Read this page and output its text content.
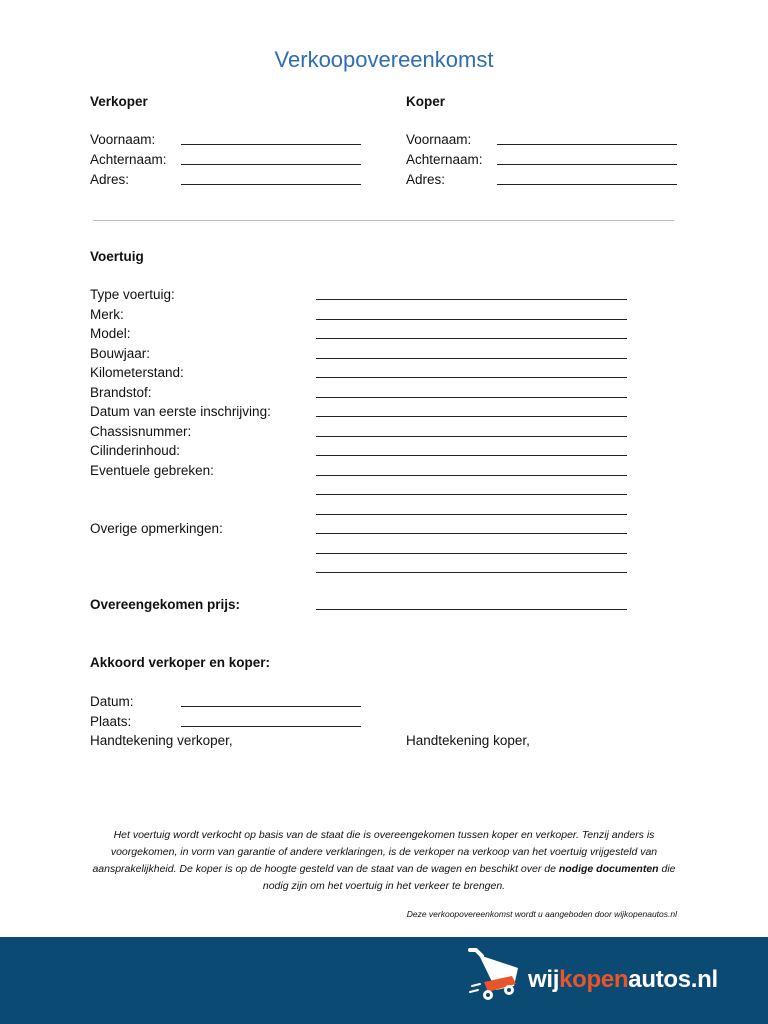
Verkoopovereenkomst
Verkoper
Voornaam:
Achternaam:
Adres:
Koper
Voornaam:
Achternaam:
Adres:
Voertuig
Type voertuig:
Merk:
Model:
Bouwjaar:
Kilometerstand:
Brandstof:
Datum van eerste inschrijving:
Chassisnummer:
Cilinderinhoud:
Eventuele gebreken:
Overige opmerkingen:
Overeengekomen prijs:
Akkoord verkoper en koper:
Datum:
Plaats:
Handtekening verkoper,	Handtekening koper,
Het voertuig wordt verkocht op basis van de staat die is overeengekomen tussen koper en verkoper. Tenzij anders is voorgekomen, in vorm van garantie of andere verklaringen, is de verkoper na verkoop van het voertuig vrijgesteld van aansprakelijkheid. De koper is op de hoogte gesteld van de staat van de wagen en beschikt over de nodige documenten die nodig zijn om het voertuig in het verkeer te brengen.
Deze verkoopovereenkomst wordt u aangeboden door wijkopenautos.nl
wijkopenautos.nl
